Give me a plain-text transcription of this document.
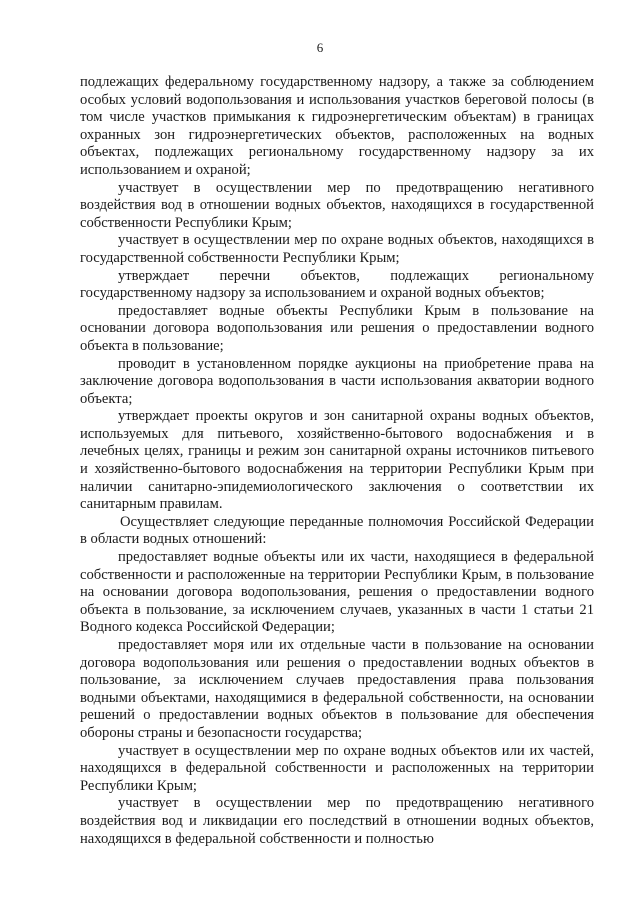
6

подлежащих федеральному государственному надзору, а также за соблюдением особых условий водопользования и использования участков береговой полосы (в том числе участков примыкания к гидроэнергетическим объектам) в границах охранных зон гидроэнергетических объектов, расположенных на водных объектах, подлежащих региональному государственному надзору за их использованием и охраной;

участвует в осуществлении мер по предотвращению негативного воздействия вод в отношении водных объектов, находящихся в государственной собственности Республики Крым;

участвует в осуществлении мер по охране водных объектов, находящихся в государственной собственности Республики Крым;

утверждает перечни объектов, подлежащих региональному государственному надзору за использованием и охраной водных объектов;

предоставляет водные объекты Республики Крым в пользование на основании договора водопользования или решения о предоставлении водного объекта в пользование;

проводит в установленном порядке аукционы на приобретение права на заключение договора водопользования в части использования акватории водного объекта;

утверждает проекты округов и зон санитарной охраны водных объектов, используемых для питьевого, хозяйственно-бытового водоснабжения и в лечебных целях, границы и режим зон санитарной охраны источников питьевого и хозяйственно-бытового водоснабжения на территории Республики Крым при наличии санитарно-эпидемиологического заключения о соответствии их санитарным правилам.

Осуществляет следующие переданные полномочия Российской Федерации в области водных отношений:

предоставляет водные объекты или их части, находящиеся в федеральной собственности и расположенные на территории Республики Крым, в пользование на основании договора водопользования, решения о предоставлении водного объекта в пользование, за исключением случаев, указанных в части 1 статьи 21 Водного кодекса Российской Федерации;

предоставляет моря или их отдельные части в пользование на основании договора водопользования или решения о предоставлении водных объектов в пользование, за исключением случаев предоставления права пользования водными объектами, находящимися в федеральной собственности, на основании решений о предоставлении водных объектов в пользование для обеспечения обороны страны и безопасности государства;

участвует в осуществлении мер по охране водных объектов или их частей, находящихся в федеральной собственности и расположенных на территории Республики Крым;

участвует в осуществлении мер по предотвращению негативного воздействия вод и ликвидации его последствий в отношении водных объектов, находящихся в федеральной собственности и полностью
